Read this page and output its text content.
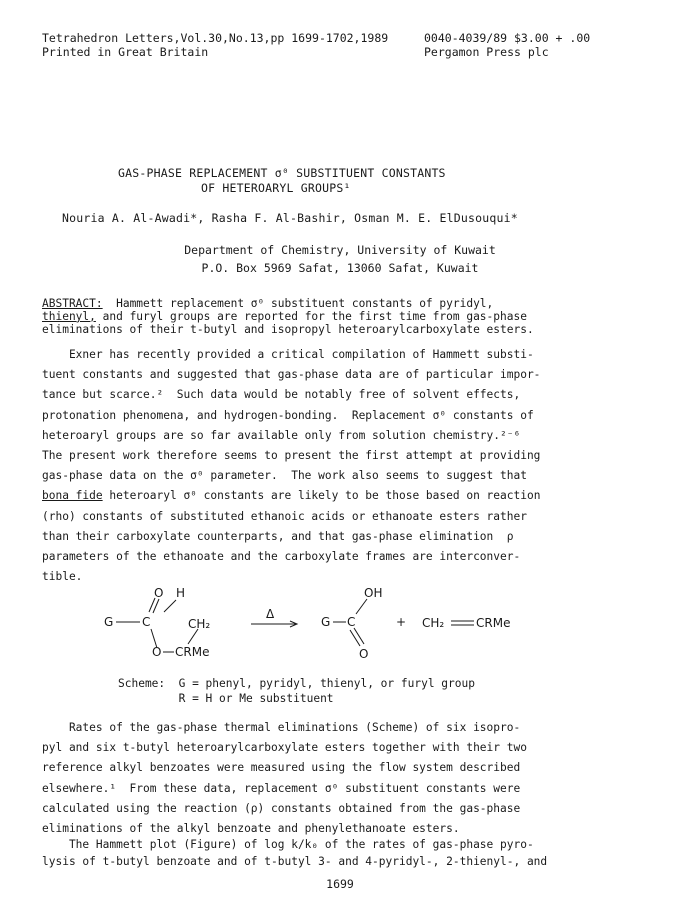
Tetrahedron Letters,Vol.30,No.13,pp 1699-1702,1989
Printed in Great Britain
0040-4039/89 $3.00 + .00
Pergamon Press plc
GAS-PHASE REPLACEMENT σ⁰ SUBSTITUENT CONSTANTS
OF HETEROARYL GROUPS¹
Nouria A. Al-Awadi*, Rasha F. Al-Bashir, Osman M. E. ElDusouqui*
Department of Chemistry, University of Kuwait
P.O. Box 5969 Safat, 13060 Safat, Kuwait
ABSTRACT:  Hammett replacement σ⁰ substituent constants of pyridyl,
thienyl, and furyl groups are reported for the first time from gas-phase
eliminations of their t-butyl and isopropyl heteroarylcarboxylate esters.
Exner has recently provided a critical compilation of Hammett substi-
tuent constants and suggested that gas-phase data are of particular impor-
tance but scarce.²  Such data would be notably free of solvent effects,
protonation phenomena, and hydrogen-bonding.  Replacement σ⁰ constants of
heteroaryl groups are so far available only from solution chemistry.²⁻⁶
The present work therefore seems to present the first attempt at providing
gas-phase data on the σ⁰ parameter.  The work also seems to suggest that
bona fide heteroaryl σ⁰ constants are likely to be those based on reaction
(rho) constants of substituted ethanoic acids or ethanoate esters rather
than their carboxylate counterparts, and that gas-phase elimination  ρ
parameters of the ethanoate and the carboxylate frames are interconver-
tible.
G
O H
C	CH₂
O CRMe
Δ
OH
G C
O
+ CH₂	CRMe
Scheme:  G = phenyl, pyridyl, thienyl, or furyl group
R = H or Me substituent
Rates of the gas-phase thermal eliminations (Scheme) of six isopro-
pyl and six t-butyl heteroarylcarboxylate esters together with their two
reference alkyl benzoates were measured using the flow system described
elsewhere.¹  From these data, replacement σ⁰ substituent constants were
calculated using the reaction (ρ) constants obtained from the gas-phase
eliminations of the alkyl benzoate and phenylethanoate esters.
The Hammett plot (Figure) of log k/k₀ of the rates of gas-phase pyro-
lysis of t-butyl benzoate and of t-butyl 3- and 4-pyridyl-, 2-thienyl-, and
1699
